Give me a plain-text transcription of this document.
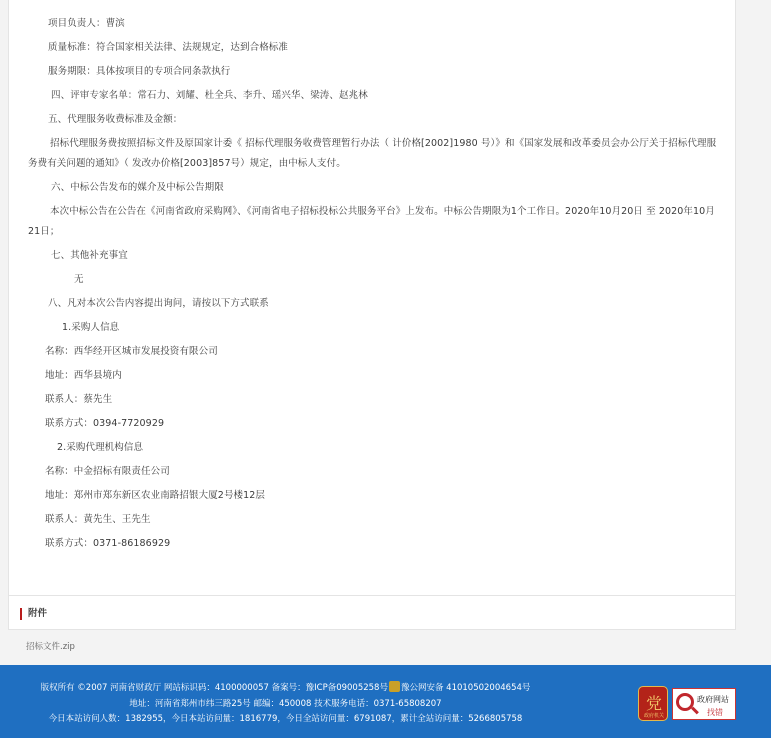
项目负责人：曹滨
质量标准：符合国家相关法律、法规规定，达到合格标准
服务期限：具体按项目的专项合同条款执行
四、评审专家名单：常石力、刘耀、杜全兵、李升、瑶兴华、梁涛、赵兆林
五、代理服务收费标准及金额：
招标代理服务费按照招标文件及原国家计委《 招标代理服务收费管理暂行办法（ 计价格[2002]1980 号）》和《国家发展和改革委员会办公厅关于招标代理服务费有关问题的通知》（ 发改办价格[2003]857号）规定，由中标人支付。
六、中标公告发布的媒介及中标公告期限
本次中标公告在公告在《河南省政府采购网》、《河南省电子招标投标公共服务平台》上发布。中标公告期限为1个工作日。2020年10月20日 至 2020年10月21日；
七、其他补充事宜
无
八、凡对本次公告内容提出询问，请按以下方式联系
1.采购人信息
名称：西华经开区城市发展投资有限公司
地址：西华县境内
联系人：蔡先生
联系方式：0394-7720929
2.采购代理机构信息
名称：中金招标有限责任公司
地址：郑州市郑东新区农业南路招银大厦2号楼12层
联系人：黄先生、王先生
联系方式：0371-86186929
附件
招标文件.zip
版权所有 ©2007 河南省财政厅 网站标识码：4100000057 备案号：豫ICP备09005258号 豫公网安备 41010502004654号
地址：河南省郑州市纬三路25号 邮编：450008 技术服务电话：0371-65808207
今日本站访问人数：1382955，今日本站访问量：1816779，今日全站访问量：6791087，累计全站访问量：5266805758
党
政府机关
政府网站
找错
